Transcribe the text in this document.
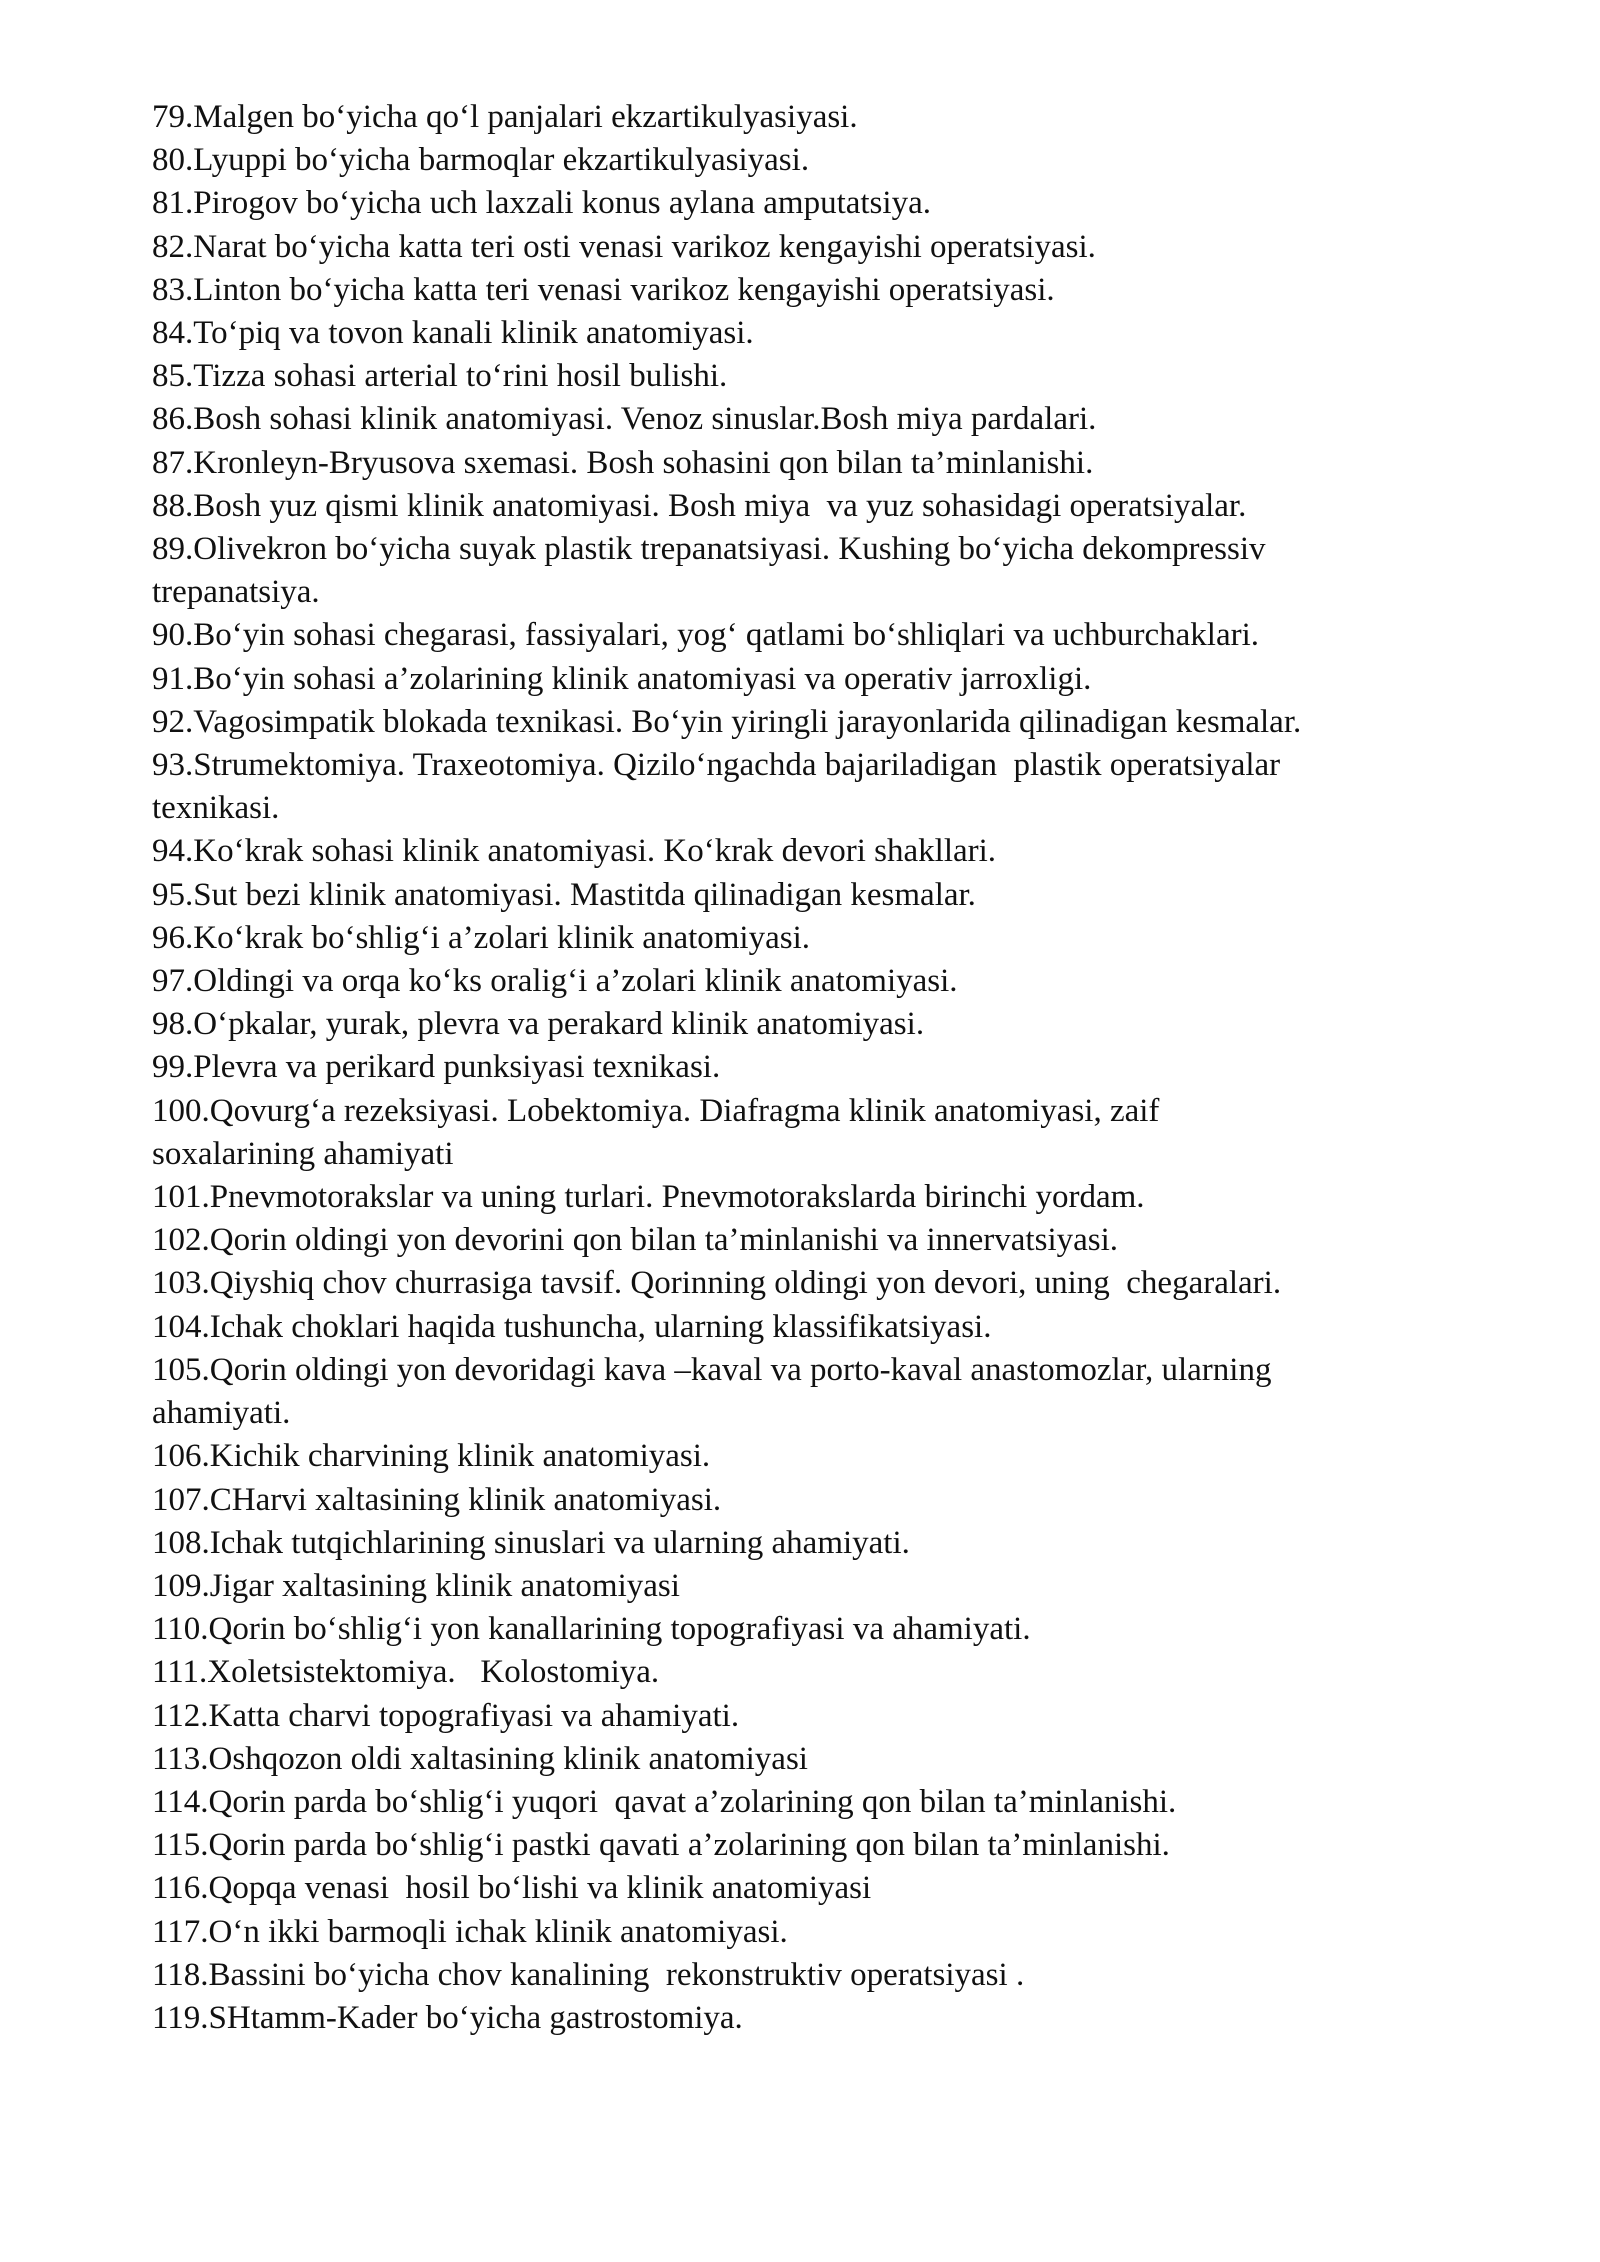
79.Malgen bo‘yicha qo‘l panjalari ekzartikulyasiyasi.
80.Lyuppi bo‘yicha barmoqlar ekzartikulyasiyasi.
81.Pirogov bo‘yicha uch laxzali konus aylana amputatsiya.
82.Narat bo‘yicha katta teri osti venasi varikoz kengayishi operatsiyasi.
83.Linton bo‘yicha katta teri venasi varikoz kengayishi operatsiyasi.
84.To‘piq va tovon kanali klinik anatomiyasi.
85.Tizza sohasi arterial to‘rini hosil bulishi.
86.Bosh sohasi klinik anatomiyasi. Venoz sinuslar.Bosh miya pardalari.
87.Kronleyn-Bryusova sxemasi. Bosh sohasini qon bilan ta’minlanishi.
88.Bosh yuz qismi klinik anatomiyasi. Bosh miya  va yuz sohasidagi operatsiyalar.
89.Olivekron bo‘yicha suyak plastik trepanatsiyasi. Kushing bo‘yicha dekompressiv
trepanatsiya.
90.Bo‘yin sohasi chegarasi, fassiyalari, yog‘ qatlami bo‘shliqlari va uchburchaklari.
91.Bo‘yin sohasi a’zolarining klinik anatomiyasi va operativ jarroxligi.
92.Vagosimpatik blokada texnikasi. Bo‘yin yiringli jarayonlarida qilinadigan kesmalar.
93.Strumektomiya. Traxeotomiya. Qizilo‘ngachda bajariladigan  plastik operatsiyalar
texnikasi.
94.Ko‘krak sohasi klinik anatomiyasi. Ko‘krak devori shakllari.
95.Sut bezi klinik anatomiyasi. Mastitda qilinadigan kesmalar.
96.Ko‘krak bo‘shlig‘i a’zolari klinik anatomiyasi.
97.Oldingi va orqa ko‘ks oralig‘i a’zolari klinik anatomiyasi.
98.O‘pkalar, yurak, plevra va perakard klinik anatomiyasi.
99.Plevra va perikard punksiyasi texnikasi.
100.Qovurg‘a rezeksiyasi. Lobektomiya. Diafragma klinik anatomiyasi, zaif
soxalarining ahamiyati
101.Pnevmotorakslar va uning turlari. Pnevmotorakslarda birinchi yordam.
102.Qorin oldingi yon devorini qon bilan ta’minlanishi va innervatsiyasi.
103.Qiyshiq chov churrasiga tavsif. Qorinning oldingi yon devori, uning  chegaralari.
104.Ichak choklari haqida tushuncha, ularning klassifikatsiyasi.
105.Qorin oldingi yon devoridagi kava –kaval va porto-kaval anastomozlar, ularning
ahamiyati.
106.Kichik charvining klinik anatomiyasi.
107.CHarvi xaltasining klinik anatomiyasi.
108.Ichak tutqichlarining sinuslari va ularning ahamiyati.
109.Jigar xaltasining klinik anatomiyasi
110.Qorin bo‘shlig‘i yon kanallarining topografiyasi va ahamiyati.
111.Xoletsistektomiya.   Kolostomiya.
112.Katta charvi topografiyasi va ahamiyati.
113.Oshqozon oldi xaltasining klinik anatomiyasi
114.Qorin parda bo‘shlig‘i yuqori  qavat a’zolarining qon bilan ta’minlanishi.
115.Qorin parda bo‘shlig‘i pastki qavati a’zolarining qon bilan ta’minlanishi.
116.Qopqa venasi  hosil bo‘lishi va klinik anatomiyasi
117.O‘n ikki barmoqli ichak klinik anatomiyasi.
118.Bassini bo‘yicha chov kanalining  rekonstruktiv operatsiyasi .
119.SHtamm-Kader bo‘yicha gastrostomiya.
